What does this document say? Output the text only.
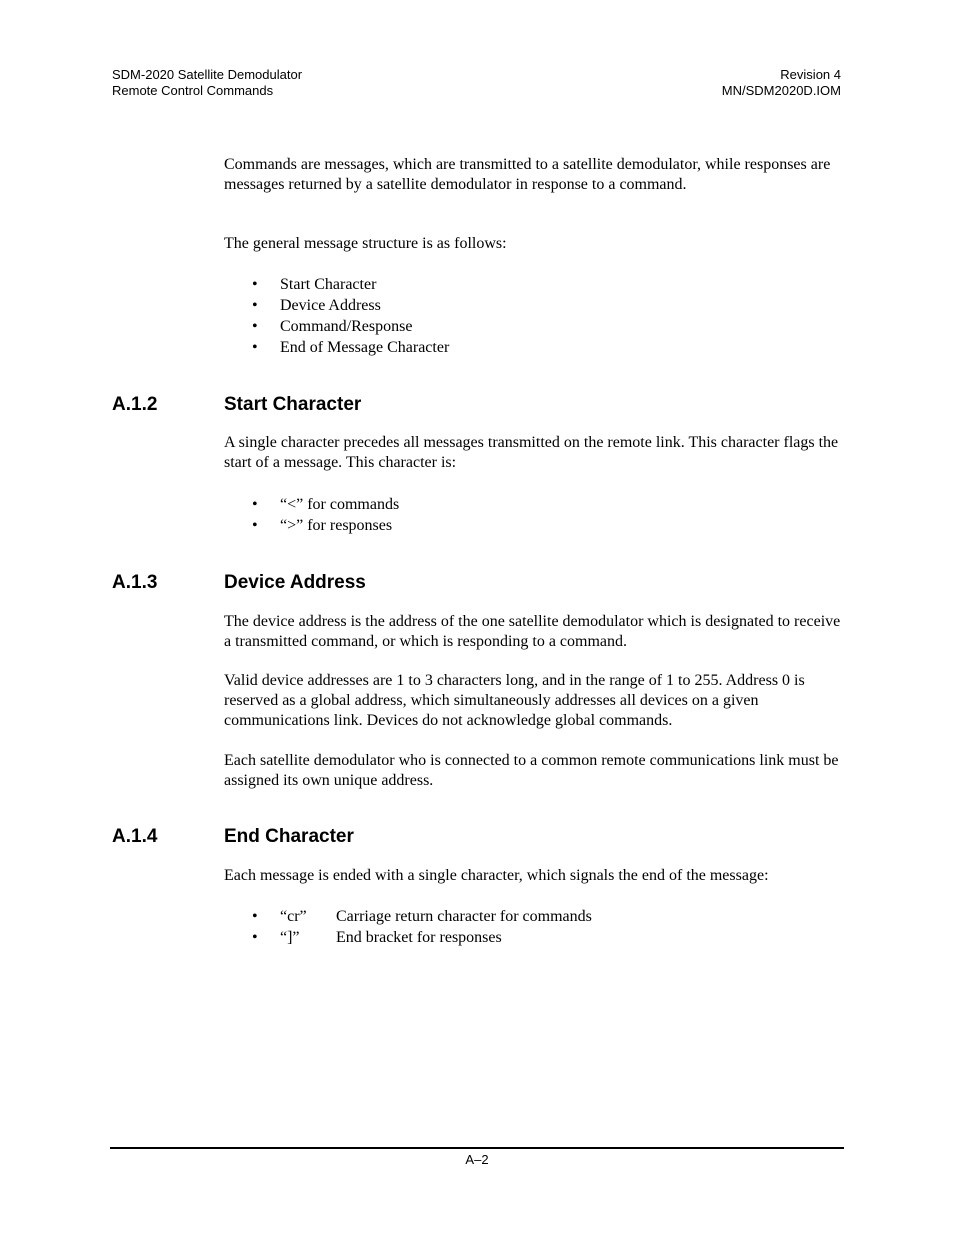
SDM-2020 Satellite Demodulator
Remote Control Commands
Revision 4
MN/SDM2020D.IOM

Commands are messages, which are transmitted to a satellite demodulator, while responses are messages returned by a satellite demodulator in response to a command.

The general message structure is as follows:

• Start Character
• Device Address
• Command/Response
• End of Message Character
A.1.2	Start Character

A single character precedes all messages transmitted on the remote link. This character flags the start of a message. This character is:

• “<” for commands
• “>” for responses
A.1.3	Device Address

The device address is the address of the one satellite demodulator which is designated to receive a transmitted command, or which is responding to a command.

Valid device addresses are 1 to 3 characters long, and in the range of 1 to 255. Address 0 is reserved as a global address, which simultaneously addresses all devices on a given communications link. Devices do not acknowledge global commands.

Each satellite demodulator who is connected to a common remote communications link must be assigned its own unique address.

A.1.4	End Character

Each message is ended with a single character, which signals the end of the message:

• “cr” Carriage return character for commands
• “]” End bracket for responses
A–2
